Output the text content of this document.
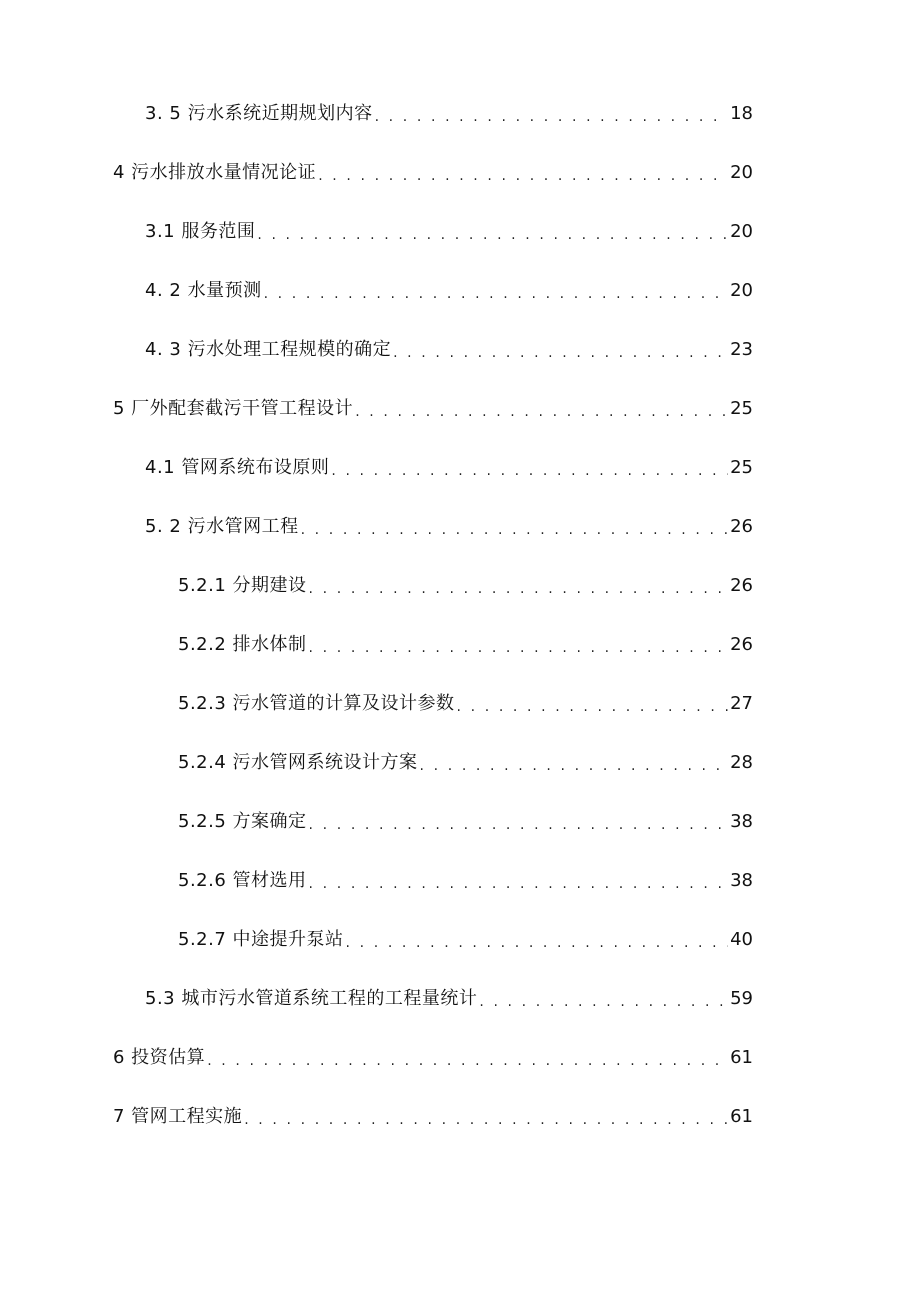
3. 5 污水系统近期规划内容 . . .	18
4 污水排放水量情况论证 . . .	20
3.1 服务范围 . . .	20
4. 2 水量预测 . . .	20
4. 3 污水处理工程规模的确定 . . .	23
5 厂外配套截污干管工程设计 . . .	25
4.1 管网系统布设原则 . . .	25
5. 2 污水管网工程 . . .	26
5.2.1 分期建设 . . .	26
5.2.2 排水体制 . . .	26
5.2.3 污水管道的计算及设计参数 . . .	27
5.2.4 污水管网系统设计方案 . . .	28
5.2.5 方案确定 . . .	38
5.2.6 管材选用 . . .	38
5.2.7 中途提升泵站 . . .	40
5.3 城市污水管道系统工程的工程量统计 . . .	59
6 投资估算 . . .	61
7 管网工程实施 . . .	61
